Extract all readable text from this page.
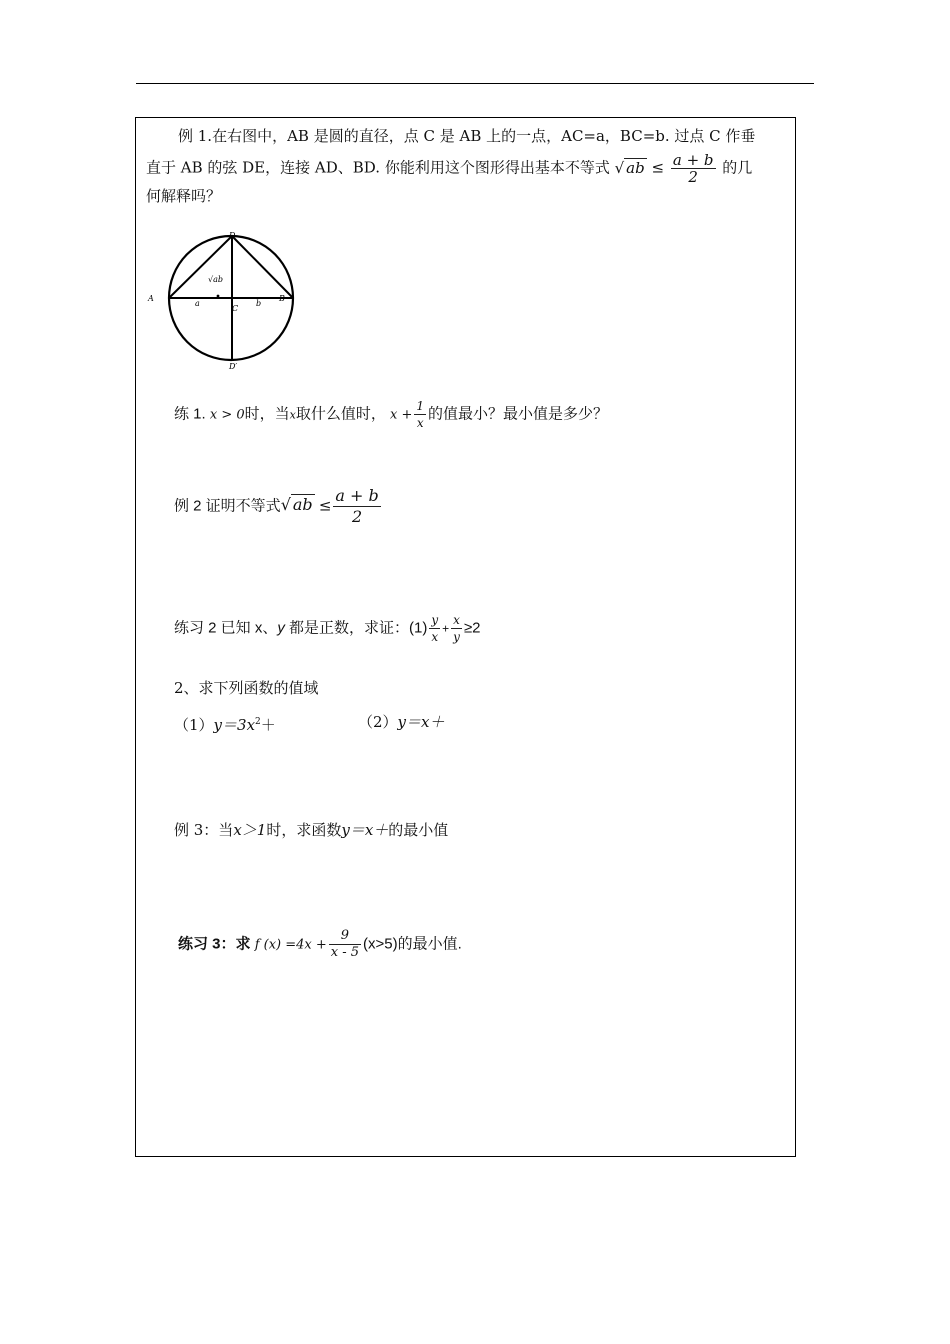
例 1.在右图中，AB 是圆的直径，点 C 是 AB 上的一点，AC=a，BC=b. 过点 C 作垂
直于 AB 的弦 DE，连接 AD、BD. 你能利用这个图形得出基本不等式 √ ab ≤ $\frac{a + b}{2}$ 的几
何解释吗？
A	B
C
D
D′
a	b
√ab
练 1. x > 0时，当x取什么值时， $x + \frac{1}{x}$ 的值最小？最小值是多少？
例 2 证明不等式√ ab ≤ $\frac{a + b}{2}$
练习 2 已知 x、y 都是正数，求证：$(1) \frac{y}{x} + \frac{x}{y} \ge 2$
2、求下列函数的值域
$(1)y=3x^2+$	（2）y＝x＋
例 3：当x＞1时，求函数y＝x＋的最小值
练习 3：求 f $(x) =4x + \frac{9}{x - 5} (x>5)$的最小值.
